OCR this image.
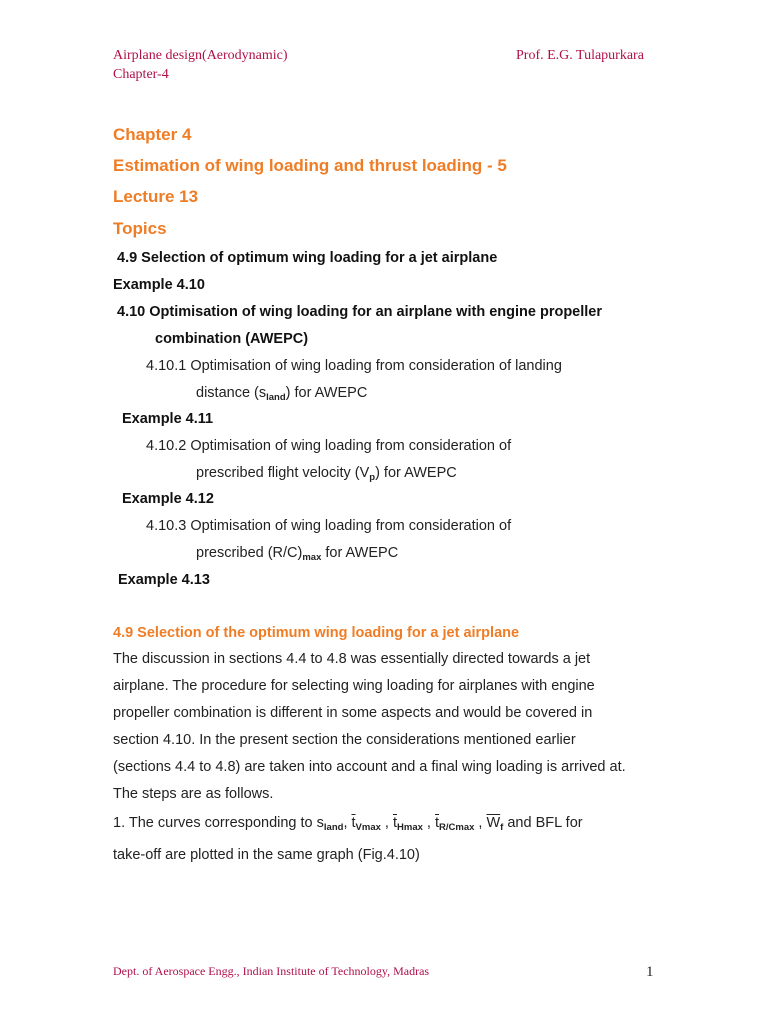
Airplane design(Aerodynamic)
Chapter-4
Prof. E.G. Tulapurkara
Chapter 4
Estimation of wing loading and thrust loading - 5
Lecture 13
Topics
4.9 Selection of optimum wing loading for a jet airplane
Example 4.10
4.10 Optimisation of wing loading for an airplane with engine propeller
combination (AWEPC)
4.10.1 Optimisation of wing loading from consideration of landing
distance $(s_{land})$ for AWEPC
Example 4.11
4.10.2 Optimisation of wing loading from consideration of
prescribed flight velocity $(V_p)$ for AWEPC
Example 4.12
4.10.3 Optimisation of wing loading from consideration of
prescribed $(R/C)_{max}$ for AWEPC
Example 4.13
4.9 Selection of the optimum wing loading for a jet airplane
The discussion in sections 4.4 to 4.8 was essentially directed towards a jet
airplane. The procedure for selecting wing loading for airplanes with engine
propeller combination is different in some aspects and would be covered in
section 4.10. In the present section the considerations mentioned earlier
(sections 4.4 to 4.8) are taken into account and a final wing loading is arrived at.
The steps are as follows.
1. The curves corresponding to $s_{land}$, $\overline{t}_{Vmax}$ , $\overline{t}_{Hmax}$ , $\overline{t}_{R/Cmax}$ , $\overline{W}_f$ and BFL for
take-off are plotted in the same graph (Fig.4.10)
Dept. of Aerospace Engg., Indian Institute of Technology, Madras	1
